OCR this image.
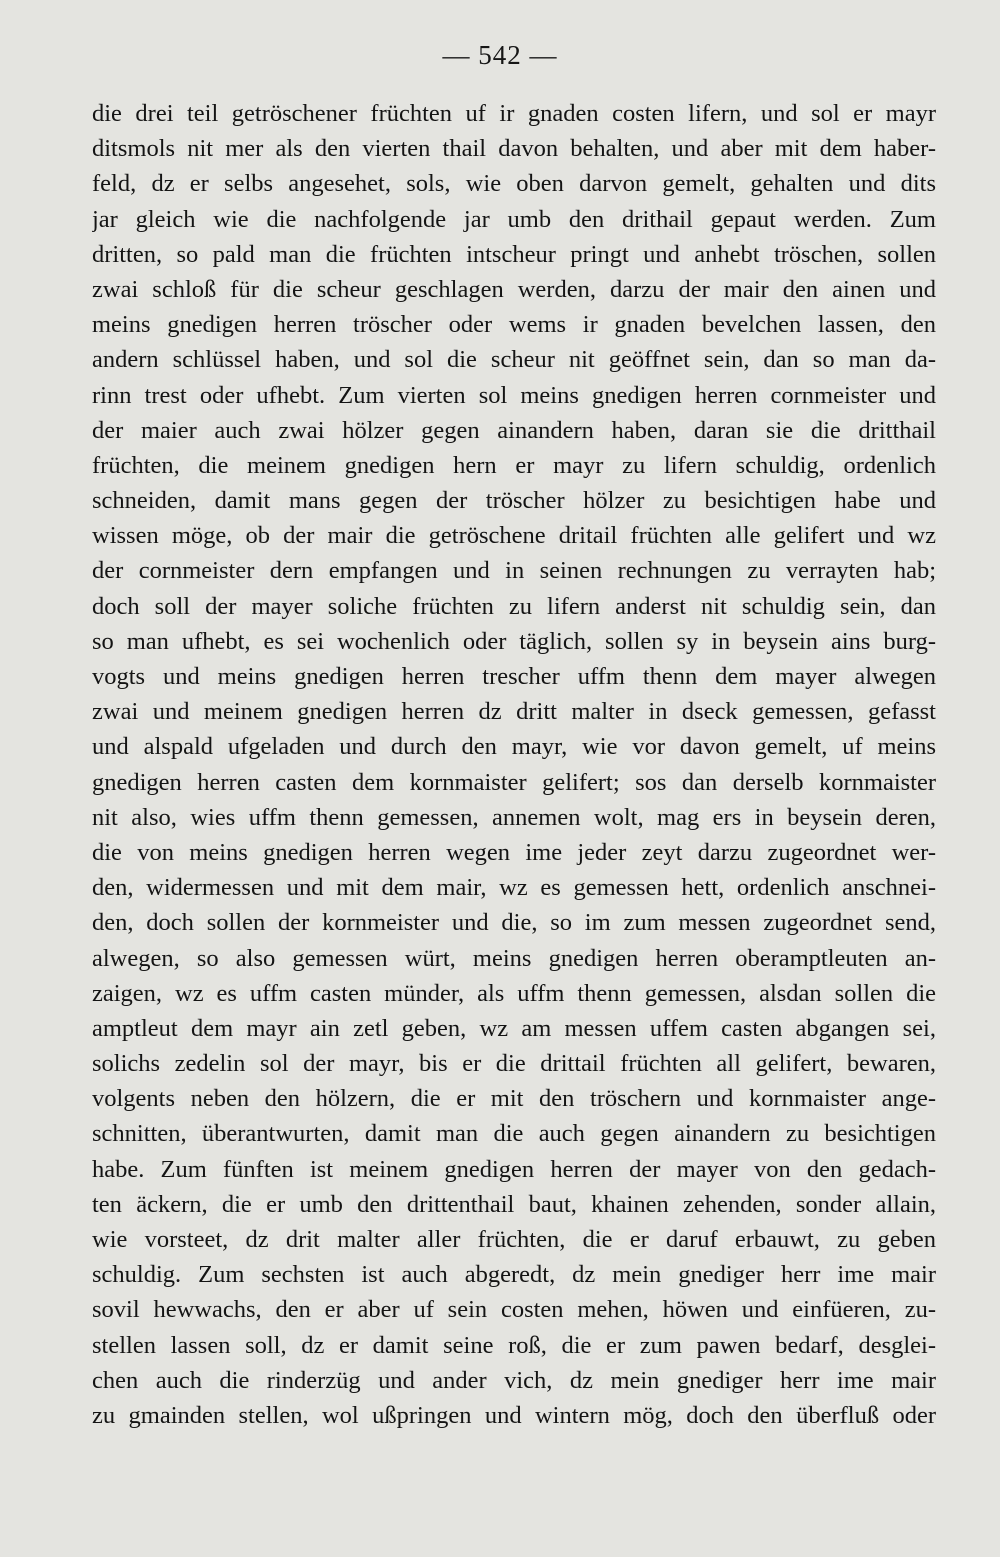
— 542 —
die drei teil getröschener früchten uf ir gnaden costen lifern, und sol er mayr
ditsmols nit mer als den vierten thail davon behalten, und aber mit dem haber-
feld, dz er selbs angesehet, sols, wie oben darvon gemelt, gehalten und dits
jar gleich wie die nachfolgende jar umb den drithail gepaut werden. Zum
dritten, so pald man die früchten intscheur pringt und anhebt tröschen, sollen
zwai schloß für die scheur geschlagen werden, darzu der mair den ainen und
meins gnedigen herren tröscher oder wems ir gnaden bevelchen lassen, den
andern schlüssel haben, und sol die scheur nit geöffnet sein, dan so man da-
rinn trest oder ufhebt. Zum vierten sol meins gnedigen herren cornmeister und
der maier auch zwai hölzer gegen ainandern haben, daran sie die dritthail
früchten, die meinem gnedigen hern er mayr zu lifern schuldig, ordenlich
schneiden, damit mans gegen der tröscher hölzer zu besichtigen habe und
wissen möge, ob der mair die getröschene dritail früchten alle gelifert und wz
der cornmeister dern empfangen und in seinen rechnungen zu verrayten hab;
doch soll der mayer soliche früchten zu lifern anderst nit schuldig sein, dan
so man ufhebt, es sei wochenlich oder täglich, sollen sy in beysein ains burg-
vogts und meins gnedigen herren trescher uffm thenn dem mayer alwegen
zwai und meinem gnedigen herren dz dritt malter in dseck gemessen, gefasst
und alspald ufgeladen und durch den mayr, wie vor davon gemelt, uf meins
gnedigen herren casten dem kornmaister gelifert; sos dan derselb kornmaister
nit also, wies uffm thenn gemessen, annemen wolt, mag ers in beysein deren,
die von meins gnedigen herren wegen ime jeder zeyt darzu zugeordnet wer-
den, widermessen und mit dem mair, wz es gemessen hett, ordenlich anschnei-
den, doch sollen der kornmeister und die, so im zum messen zugeordnet send,
alwegen, so also gemessen würt, meins gnedigen herren oberamptleuten an-
zaigen, wz es uffm casten münder, als uffm thenn gemessen, alsdan sollen die
amptleut dem mayr ain zetl geben, wz am messen uffem casten abgangen sei,
solichs zedelin sol der mayr, bis er die drittail früchten all gelifert, bewaren,
volgents neben den hölzern, die er mit den tröschern und kornmaister ange-
schnitten, überantwurten, damit man die auch gegen ainandern zu besichtigen
habe. Zum fünften ist meinem gnedigen herren der mayer von den gedach-
ten äckern, die er umb den drittenthail baut, khainen zehenden, sonder allain,
wie vorsteet, dz drit malter aller früchten, die er daruf erbauwt, zu geben
schuldig. Zum sechsten ist auch abgeredt, dz mein gnediger herr ime mair
sovil hewwachs, den er aber uf sein costen mehen, höwen und einfüeren, zu-
stellen lassen soll, dz er damit seine roß, die er zum pawen bedarf, desglei-
chen auch die rinderzüg und ander vich, dz mein gnediger herr ime mair
zu gmainden stellen, wol ußpringen und wintern mög, doch den überfluß oder
